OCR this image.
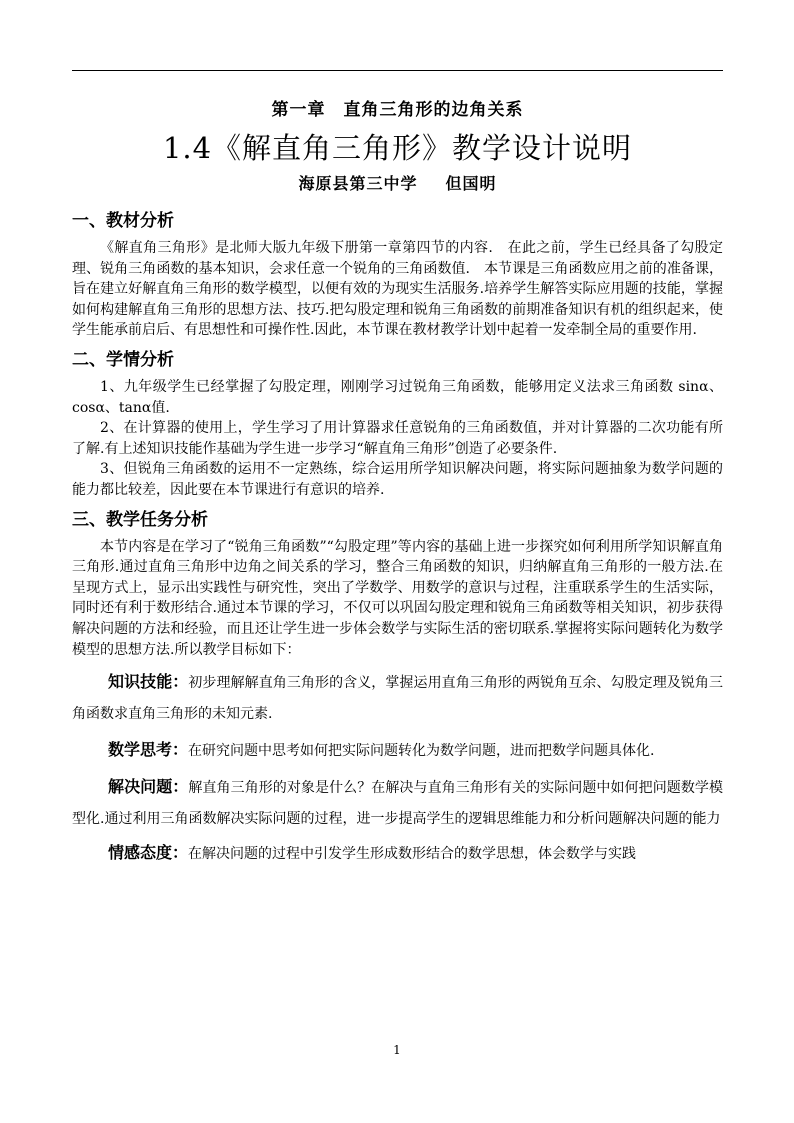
第一章　直角三角形的边角关系
1.4《解直角三角形》教学设计说明
海原县第三中学 但国明
一、教材分析

《解直角三角形》是北师大版九年级下册第一章第四节的内容.　在此之前，学生已经具备了勾股定理、锐角三角函数的基本知识，会求任意一个锐角的三角函数值.　本节课是三角函数应用之前的准备课，旨在建立好解直角三角形的数学模型，以便有效的为现实生活服务.培养学生解答实际应用题的技能，掌握如何构建解直角三角形的思想方法、技巧.把勾股定理和锐角三角函数的前期准备知识有机的组织起来，使学生能承前启后、有思想性和可操作性.因此，本节课在教材教学计划中起着一发牵制全局的重要作用.

二、学情分析

1、九年级学生已经掌握了勾股定理，刚刚学习过锐角三角函数，能够用定义法求三角函数 sinα、cosα、tanα值.

2、在计算器的使用上，学生学习了用计算器求任意锐角的三角函数值，并对计算器的二次功能有所了解.有上述知识技能作基础为学生进一步学习“解直角三角形”创造了必要条件.

3、但锐角三角函数的运用不一定熟练，综合运用所学知识解决问题，将实际问题抽象为数学问题的能力都比较差，因此要在本节课进行有意识的培养.

三、教学任务分析

本节内容是在学习了“锐角三角函数”“勾股定理”等内容的基础上进一步探究如何利用所学知识解直角三角形.通过直角三角形中边角之间关系的学习，整合三角函数的知识，归纳解直角三角形的一般方法.在呈现方式上，显示出实践性与研究性，突出了学数学、用数学的意识与过程，注重联系学生的生活实际，同时还有利于数形结合.通过本节课的学习，不仅可以巩固勾股定理和锐角三角函数等相关知识，初步获得解决问题的方法和经验，而且还让学生进一步体会数学与实际生活的密切联系.掌握将实际问题转化为数学模型的思想方法.所以教学目标如下：

知识技能：初步理解解直角三角形的含义，掌握运用直角三角形的两锐角互余、勾股定理及锐角三角函数求直角三角形的未知元素.
数学思考：在研究问题中思考如何把实际问题转化为数学问题，进而把数学问题具体化.
解决问题：解直角三角形的对象是什么？在解决与直角三角形有关的实际问题中如何把问题数学模型化.通过利用三角函数解决实际问题的过程，进一步提高学生的逻辑思维能力和分析问题解决问题的能力
情感态度：在解决问题的过程中引发学生形成数形结合的数学思想，体会数学与实践
1
